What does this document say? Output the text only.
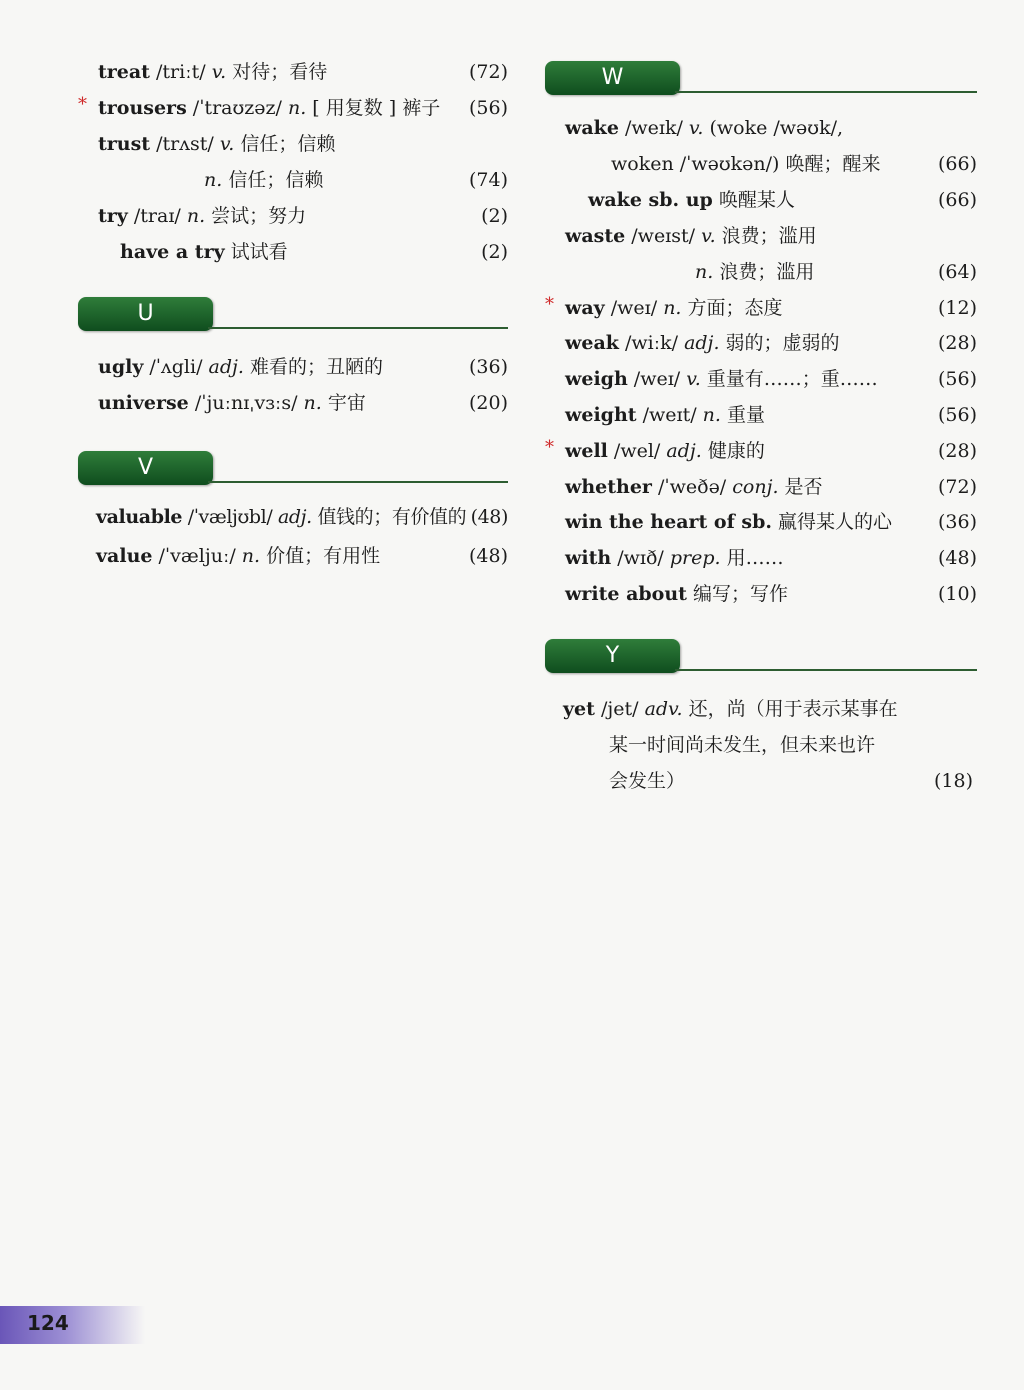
treat /triːt/ v. 对待；看待	(72)
* trousers /ˈtraʊzəz/ n. [ 用复数 ] 裤子 (56)
trust /trʌst/ v. 信任；信赖
n. 信任；信赖	(74)
try /traɪ/ n. 尝试；努力	(2)
have a try 试试看	(2)
U
ugly /ˈʌgli/ adj. 难看的；丑陋的	(36)
universe /ˈjuːnɪˌvɜːs/ n. 宇宙	(20)
V
valuable /ˈvæljʊbl/ adj. 值钱的；有价值的 (48)
value /ˈvæljuː/ n. 价值；有用性	(48)
W
wake /weɪk/ v. (woke /wəʊk/,
woken /ˈwəʊkən/) 唤醒；醒来	(66)
wake sb. up 唤醒某人	(66)
waste /weɪst/ v. 浪费；滥用
n. 浪费；滥用	(64)
* way /weɪ/ n. 方面；态度	(12)
weak /wiːk/ adj. 弱的；虚弱的	(28)
weigh /weɪ/ v. 重量有……；重……	(56)
weight /weɪt/ n. 重量	(56)
* well /wel/ adj. 健康的	(28)
whether /ˈweðə/ conj. 是否	(72)
win the heart of sb. 赢得某人的心 (36)
with /wɪð/ prep. 用……	(48)
write about 编写；写作	(10)
Y
yet /jet/ adv. 还，尚（用于表示某事在
某一时间尚未发生，但未来也许
会发生）	(18)
124
